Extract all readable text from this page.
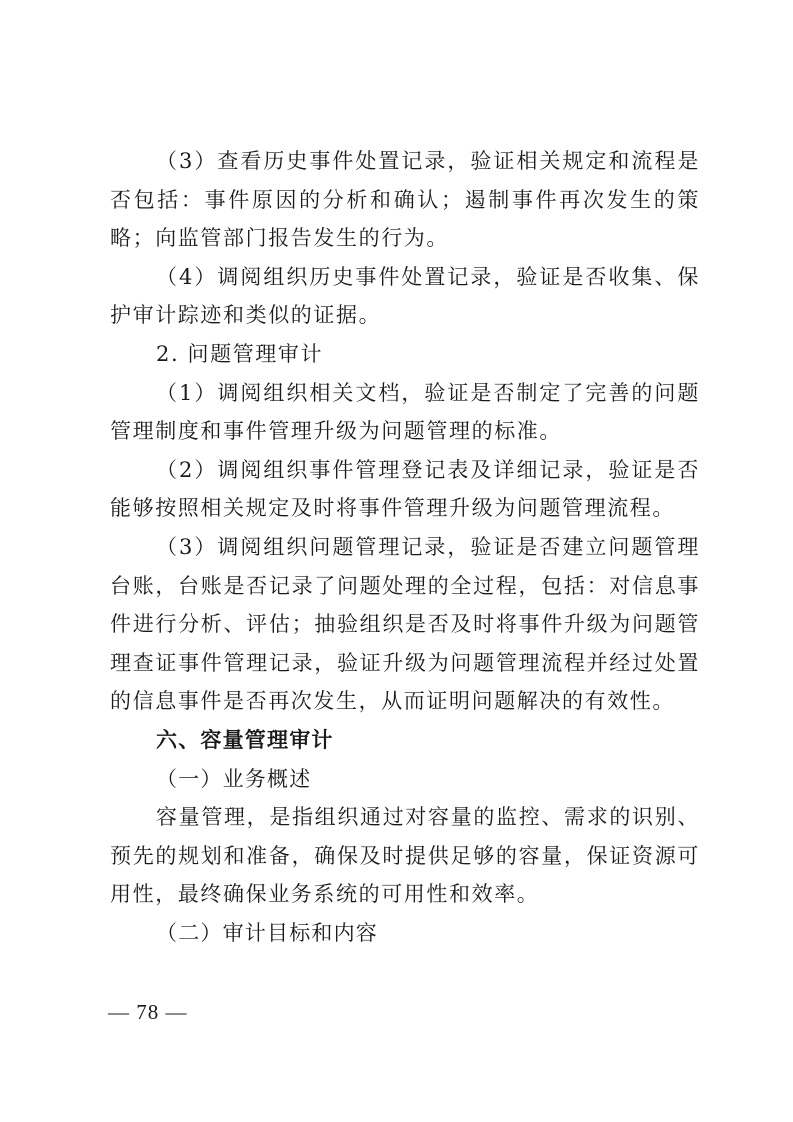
（3）查看历史事件处置记录，验证相关规定和流程是否包括：事件原因的分析和确认；遏制事件再次发生的策略；向监管部门报告发生的行为。

（4）调阅组织历史事件处置记录，验证是否收集、保护审计踪迹和类似的证据。

2. 问题管理审计

（1）调阅组织相关文档，验证是否制定了完善的问题管理制度和事件管理升级为问题管理的标准。

（2）调阅组织事件管理登记表及详细记录，验证是否能够按照相关规定及时将事件管理升级为问题管理流程。

（3）调阅组织问题管理记录，验证是否建立问题管理台账，台账是否记录了问题处理的全过程，包括：对信息事件进行分析、评估；抽验组织是否及时将事件升级为问题管理查证事件管理记录，验证升级为问题管理流程并经过处置的信息事件是否再次发生，从而证明问题解决的有效性。

六、容量管理审计

（一）业务概述

容量管理，是指组织通过对容量的监控、需求的识别、预先的规划和准备，确保及时提供足够的容量，保证资源可用性，最终确保业务系统的可用性和效率。

（二）审计目标和内容

— 78 —
